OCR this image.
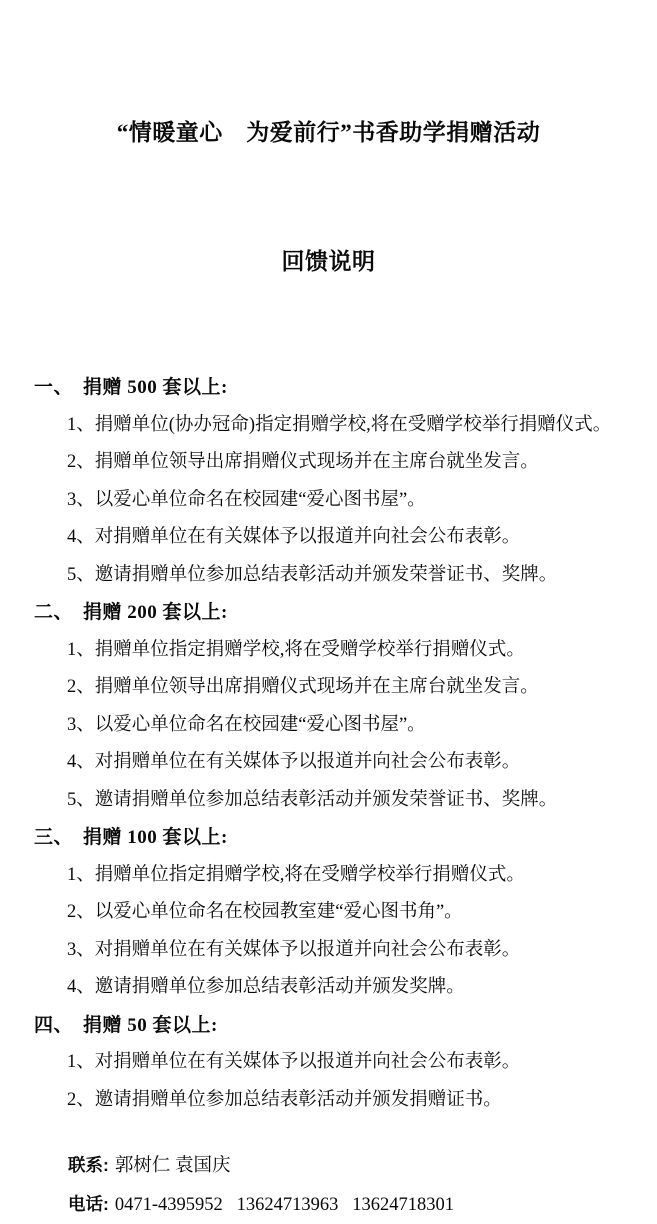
“情暖童心　为爱前行”书香助学捐赠活动

回馈说明

一、 捐赠 500 套以上:
1、捐赠单位(协办冠命)指定捐赠学校,将在受赠学校举行捐赠仪式。
2、捐赠单位领导出席捐赠仪式现场并在主席台就坐发言。
3、以爱心单位命名在校园建“爱心图书屋”。
4、对捐赠单位在有关媒体予以报道并向社会公布表彰。
5、邀请捐赠单位参加总结表彰活动并颁发荣誉证书、奖牌。
二、 捐赠 200 套以上:
1、捐赠单位指定捐赠学校,将在受赠学校举行捐赠仪式。
2、捐赠单位领导出席捐赠仪式现场并在主席台就坐发言。
3、以爱心单位命名在校园建“爱心图书屋”。
4、对捐赠单位在有关媒体予以报道并向社会公布表彰。
5、邀请捐赠单位参加总结表彰活动并颁发荣誉证书、奖牌。
三、 捐赠 100 套以上:
1、捐赠单位指定捐赠学校,将在受赠学校举行捐赠仪式。
2、以爱心单位命名在校园教室建“爱心图书角”。
3、对捐赠单位在有关媒体予以报道并向社会公布表彰。
4、邀请捐赠单位参加总结表彰活动并颁发奖牌。
四、 捐赠 50 套以上:
1、对捐赠单位在有关媒体予以报道并向社会公布表彰。
2、邀请捐赠单位参加总结表彰活动并颁发捐赠证书。
联系: 郭树仁 袁国庆
电话: 0471-4395952   13624713963   13624718301
